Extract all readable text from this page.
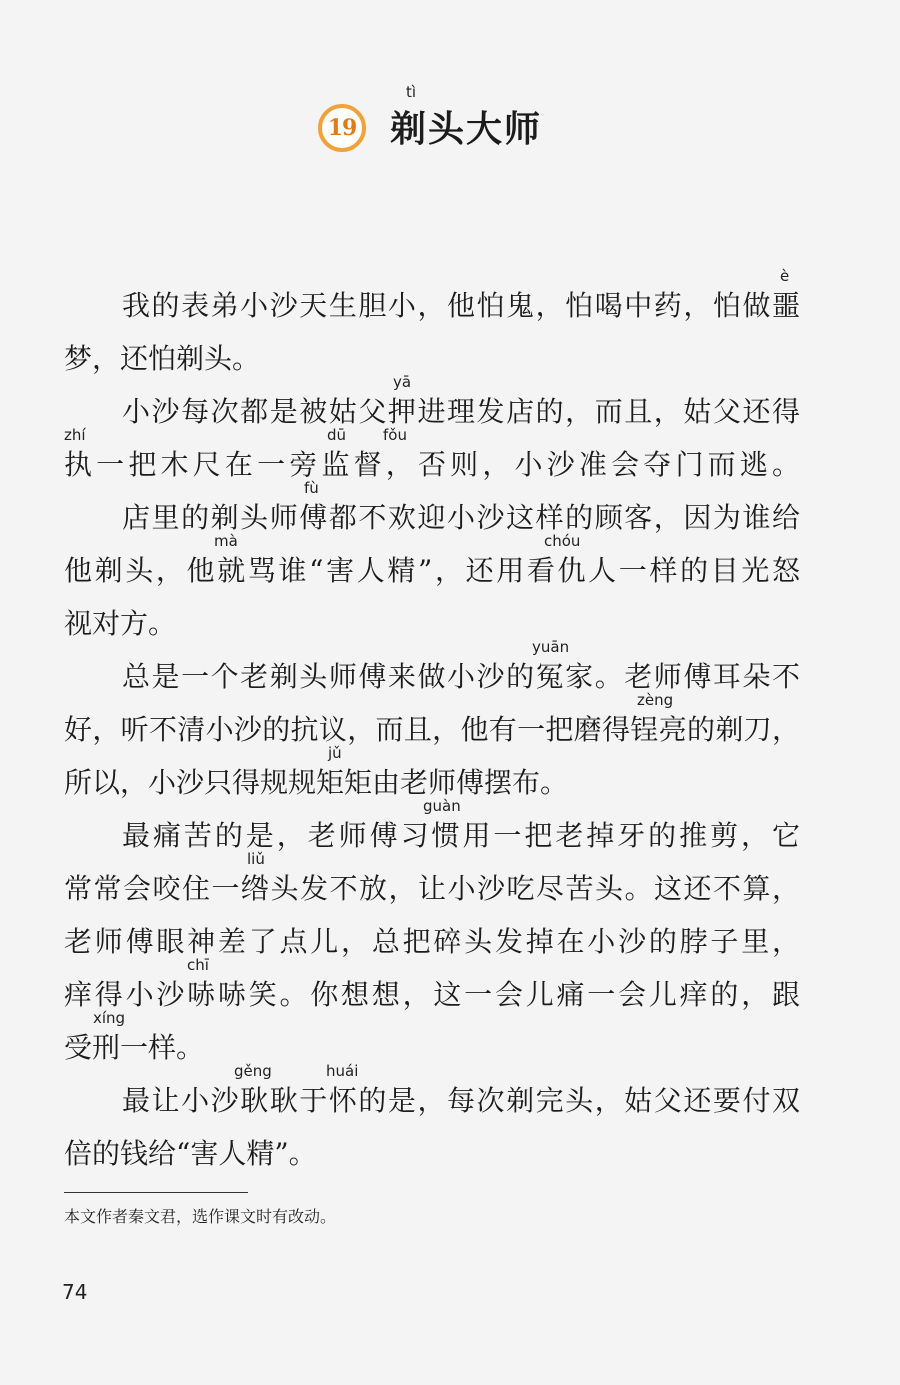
19
tì
剃头大师
我的表弟小沙天生胆小，他怕鬼，怕喝中药，怕做噩
梦，还怕剃头。
小沙每次都是被姑父押进理发店的，而且，姑父还得
执一把木尺在一旁监督，否则，小沙准会夺门而逃。
店里的剃头师傅都不欢迎小沙这样的顾客，因为谁给
他剃头，他就骂谁“害人精”，还用看仇人一样的目光怒
视对方。
总是一个老剃头师傅来做小沙的冤家。老师傅耳朵不
好，听不清小沙的抗议，而且，他有一把磨得锃亮的剃刀，
所以，小沙只得规规矩矩由老师傅摆布。
最痛苦的是，老师傅习惯用一把老掉牙的推剪，它
常常会咬住一绺头发不放，让小沙吃尽苦头。这还不算，
老师傅眼神差了点儿，总把碎头发掉在小沙的脖子里，
痒得小沙哧哧笑。你想想，这一会儿痛一会儿痒的，跟
受刑一样。
最让小沙耿耿于怀的是，每次剃完头，姑父还要付双
倍的钱给“害人精”。
è
yā
zhí	dū fǒu
fù
mà	chóu
yuān
zèng
jǔ
guàn
liǔ
chī
xíng
gěng	huái
本文作者秦文君，选作课文时有改动。
74
